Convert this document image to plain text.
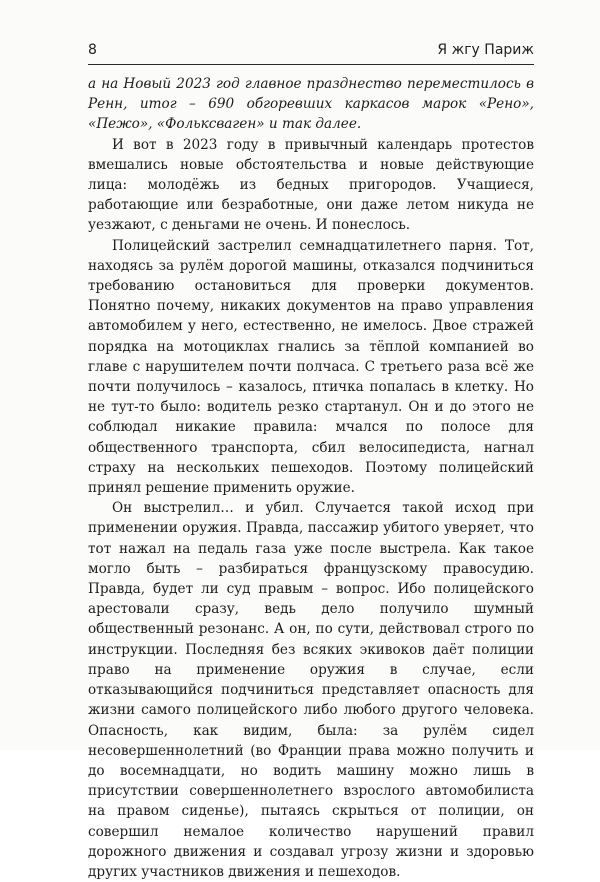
8	Я жгу Париж

а на Новый 2023 год главное празднество переместилось в Ренн, итог – 690 обгоревших каркасов марок «Рено», «Пежо», «Фольксваген» и так далее.

И вот в 2023 году в привычный календарь протестов вмешались новые обстоятельства и новые действующие лица: молодёжь из бедных пригородов. Учащиеся, работающие или безработные, они даже летом никуда не уезжают, с деньгами не очень. И понеслось.

Полицейский застрелил семнадцатилетнего парня. Тот, находясь за рулём дорогой машины, отказался подчиниться требованию остановиться для проверки документов. Понятно почему, никаких документов на право управления автомобилем у него, естественно, не имелось. Двое стражей порядка на мотоциклах гнались за тёплой компанией во главе с нарушителем почти полчаса. С третьего раза всё же почти получилось – казалось, птичка попалась в клетку. Но не тут-то было: водитель резко стартанул. Он и до этого не соблюдал никакие правила: мчался по полосе для общественного транспорта, сбил велосипедиста, нагнал страху на нескольких пешеходов. Поэтому полицейский принял решение применить оружие.

Он выстрелил… и убил. Случается такой исход при применении оружия. Правда, пассажир убитого уверяет, что тот нажал на педаль газа уже после выстрела. Как такое могло быть – разбираться французскому правосудию. Правда, будет ли суд правым – вопрос. Ибо полицейского арестовали сразу, ведь дело получило шумный общественный резонанс. А он, по сути, действовал строго по инструкции. Последняя без всяких экивоков даёт полиции право на применение оружия в случае, если отказывающийся подчиниться представляет опасность для жизни самого полицейского либо любого другого человека. Опасность, как видим, была: за рулём сидел несовершеннолетний (во Франции права можно получить и до восемнадцати, но водить машину можно лишь в присутствии совершеннолетнего взрослого автомобилиста на правом сиденье), пытаясь скрыться от полиции, он совершил немалое количество нарушений правил дорожного движения и создавал угрозу жизни и здоровью других участников движения и пешеходов.
